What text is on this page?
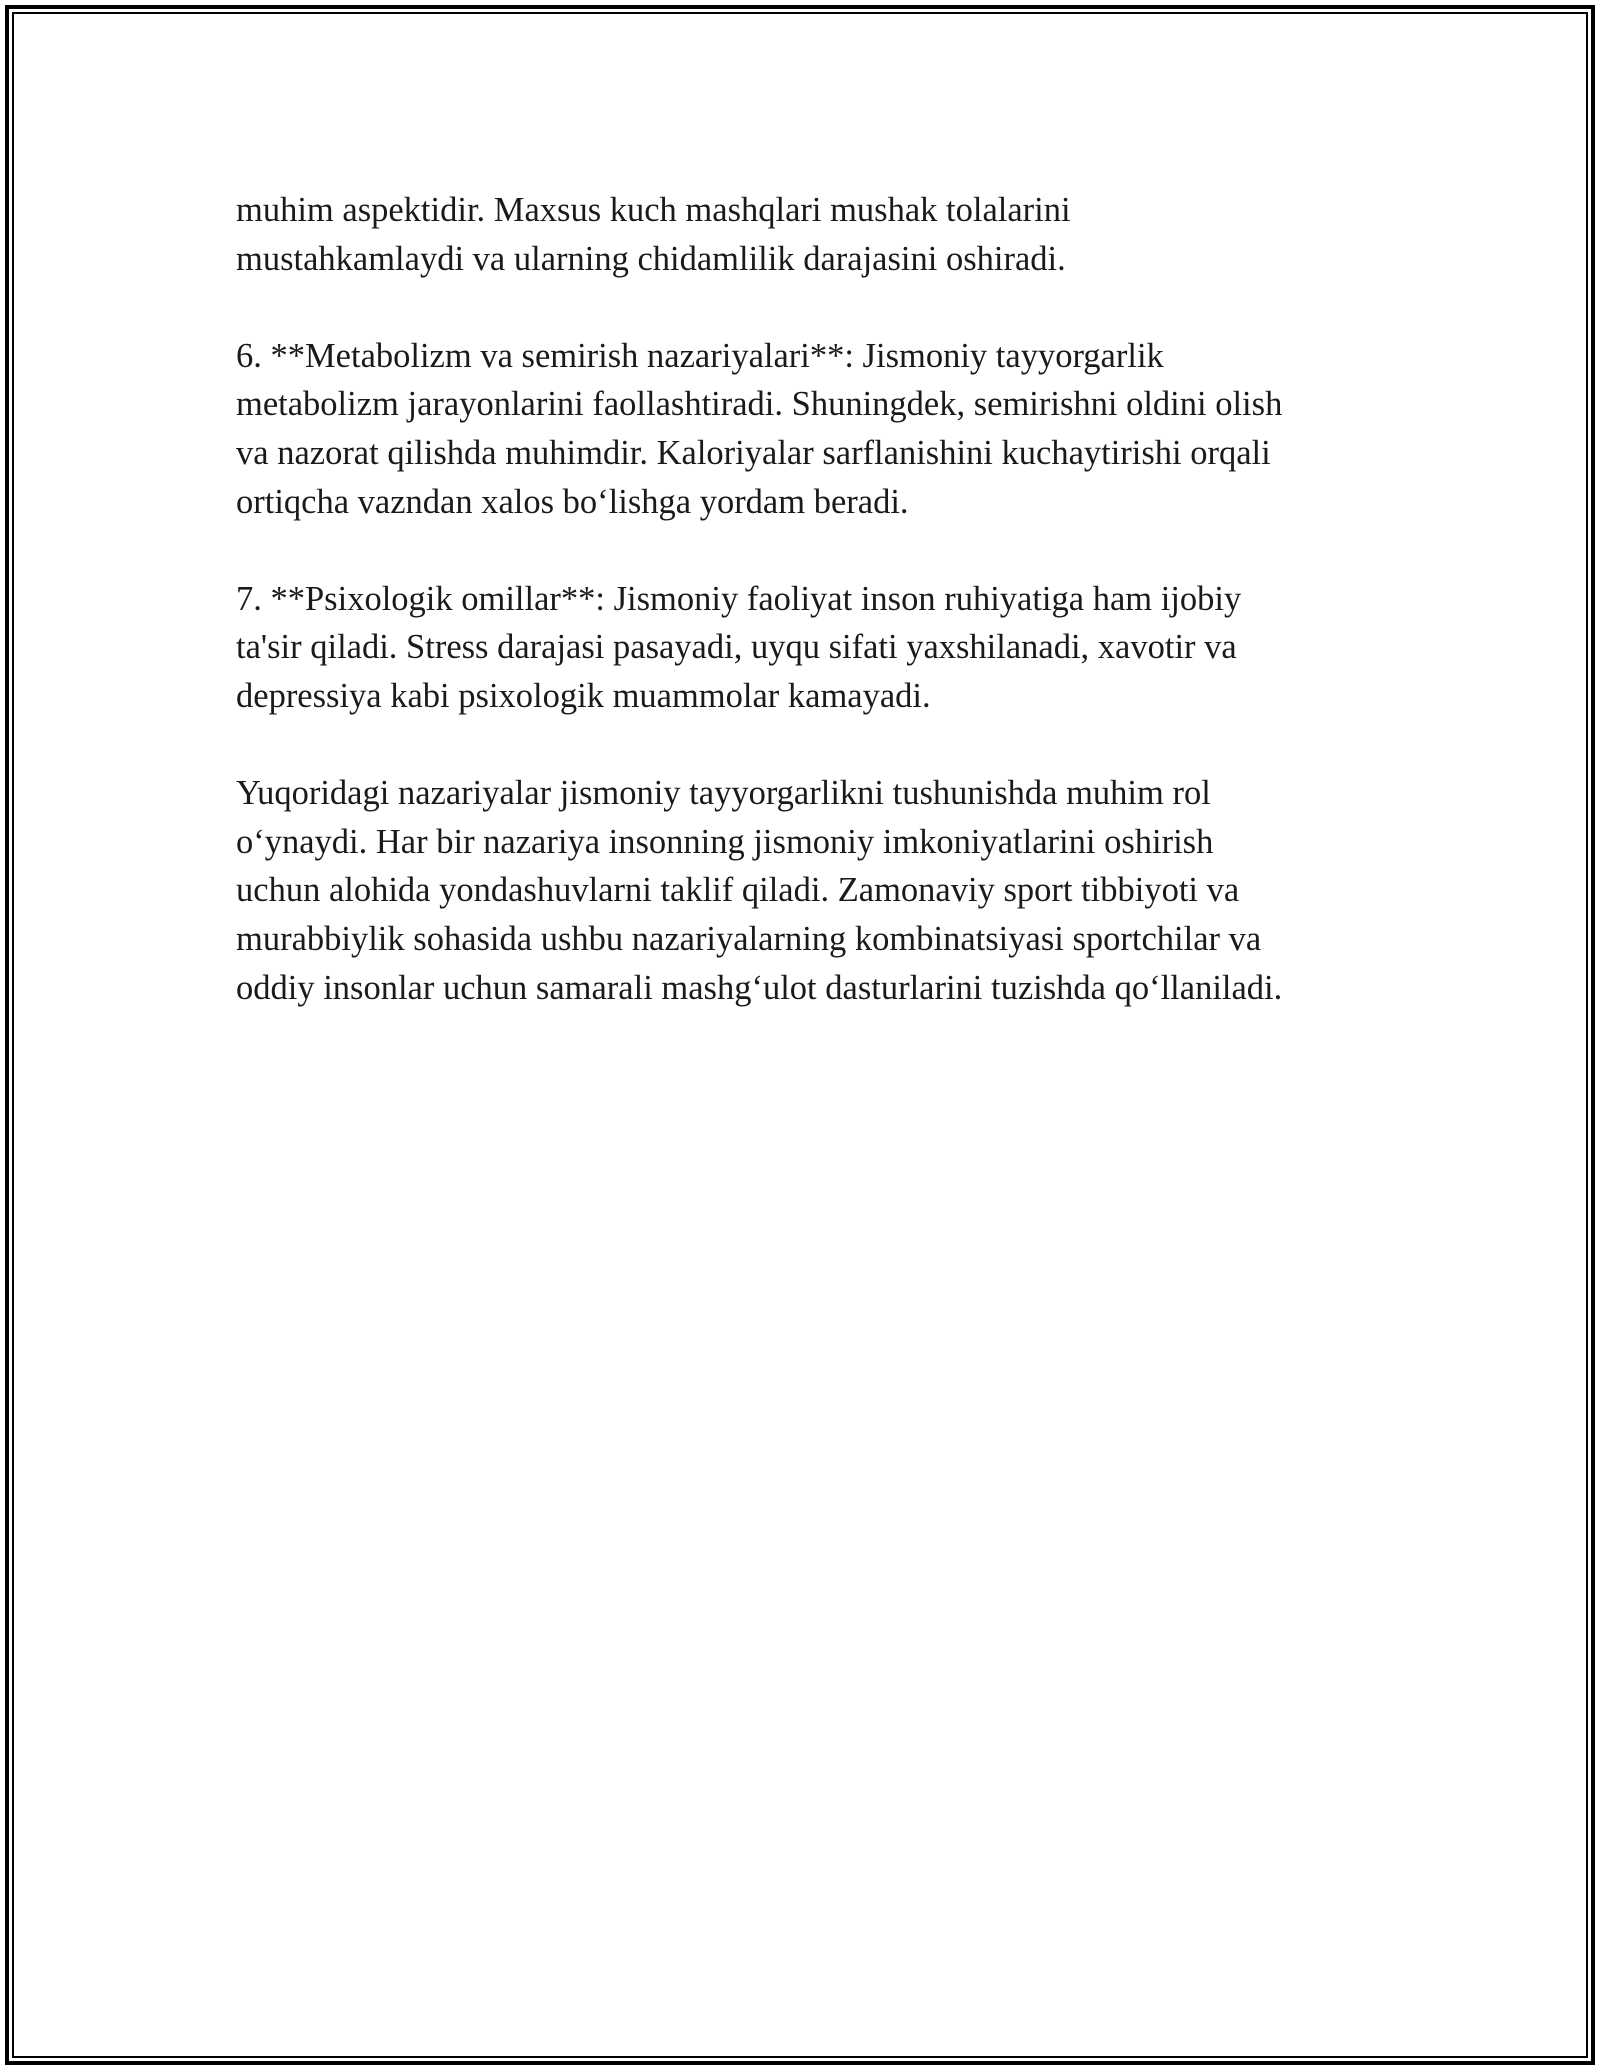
muhim aspektidir. Maxsus kuch mashqlari mushak tolalarini
mustahkamlaydi va ularning chidamlilik darajasini oshiradi.

6. **Metabolizm va semirish nazariyalari**: Jismoniy tayyorgarlik
metabolizm jarayonlarini faollashtiradi. Shuningdek, semirishni oldini olish
va nazorat qilishda muhimdir. Kaloriyalar sarflanishini kuchaytirishi orqali
ortiqcha vazndan xalos bo‘lishga yordam beradi.

7. **Psixologik omillar**: Jismoniy faoliyat inson ruhiyatiga ham ijobiy
ta'sir qiladi. Stress darajasi pasayadi, uyqu sifati yaxshilanadi, xavotir va
depressiya kabi psixologik muammolar kamayadi.

Yuqoridagi nazariyalar jismoniy tayyorgarlikni tushunishda muhim rol
o‘ynaydi. Har bir nazariya insonning jismoniy imkoniyatlarini oshirish
uchun alohida yondashuvlarni taklif qiladi. Zamonaviy sport tibbiyoti va
murabbiylik sohasida ushbu nazariyalarning kombinatsiyasi sportchilar va
oddiy insonlar uchun samarali mashg‘ulot dasturlarini tuzishda qo‘llaniladi.
